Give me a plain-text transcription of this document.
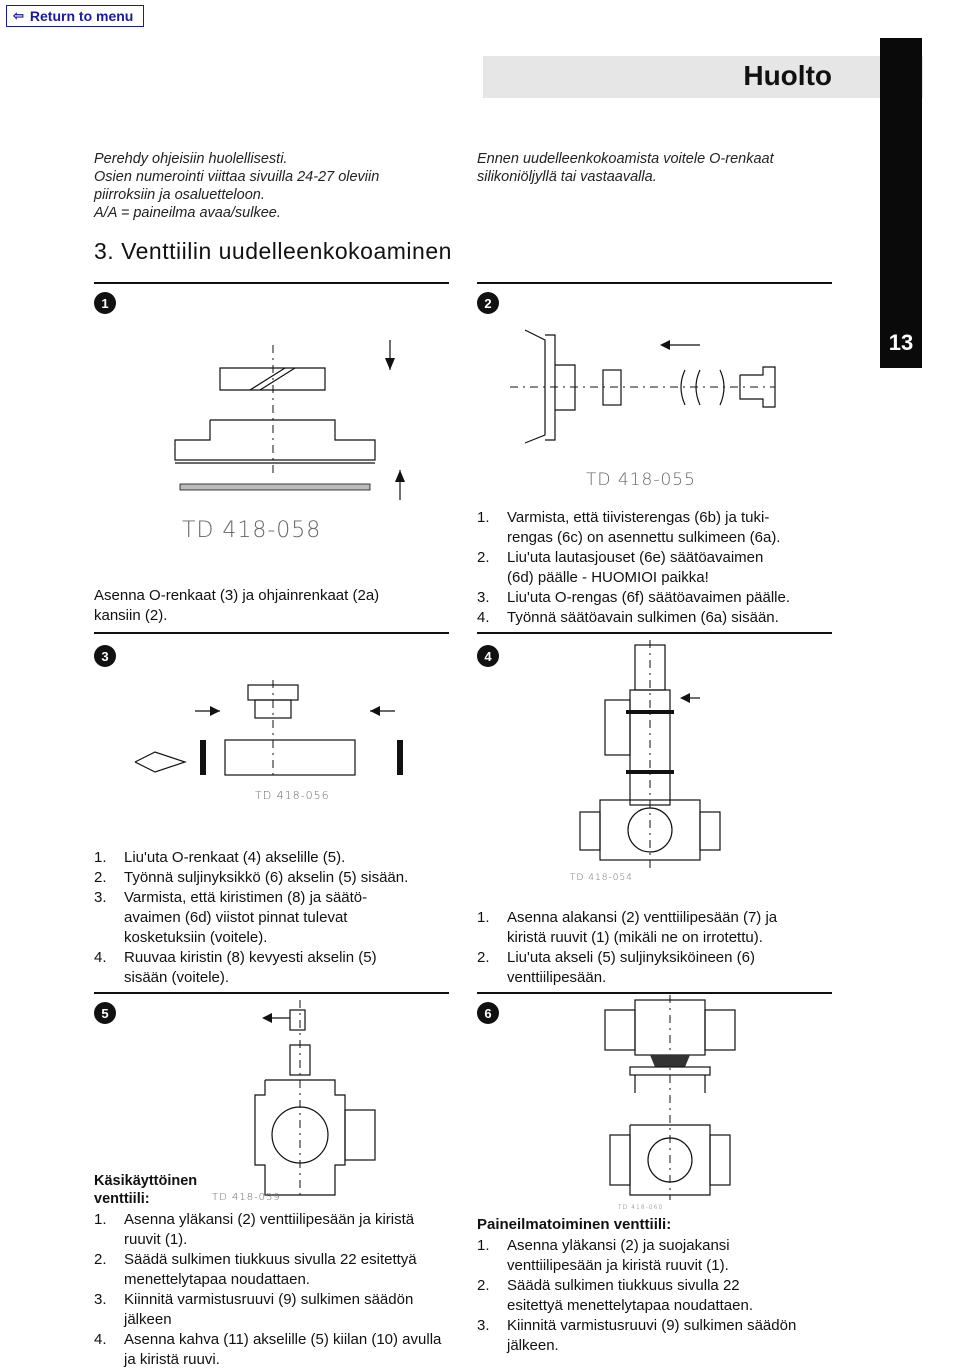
⇦ Return to menu
Huolto
13
Perehdy ohjeisiin huolellisesti.
Osien numerointi viittaa sivuilla 24-27 oleviin
piirroksiin ja osaluetteloon.
A/A = paineilma avaa/sulkee.
Ennen uudelleenkokoamista voitele O-renkaat
silikoniöljyllä tai vastaavalla.
3. Venttiilin uudelleenkokoaminen
1
TD 418-058
Asenna O-renkaat (3) ja ohjainrenkaat (2a)
kansiin (2).
2
TD 418-055
1.	Varmista, että tiivisterengas (6b) ja tuki-
rengas (6c) on asennettu sulkimeen (6a).
2.	Liu'uta lautasjouset (6e) säätöavaimen
(6d) päälle - HUOMIOI paikka!
3.	Liu'uta O-rengas (6f) säätöavaimen päälle.
4.	Työnnä säätöavain sulkimen (6a) sisään.
3
TD 418-056
1.	Liu'uta O-renkaat (4) akselille (5).
2.	Työnnä suljinyksikkö (6) akselin (5) sisään.
3.	Varmista, että kiristimen (8) ja säätö-
avaimen (6d) viistot pinnat tulevat
kosketuksiin (voitele).
4.	Ruuvaa kiristin (8) kevyesti akselin (5)
sisään (voitele).
4
TD 418-054
1.	Asenna alakansi (2) venttiilipesään (7) ja
kiristä ruuvit (1) (mikäli ne on irrotettu).
2.	Liu'uta akseli (5) suljinyksiköineen (6)
venttiilipesään.
5
Käsikäyttöinen
venttiili:	TD 418-059
1.	Asenna yläkansi (2) venttiilipesään ja kiristä
ruuvit (1).
2.	Säädä sulkimen tiukkuus sivulla 22 esitettyä
menettelytapaa noudattaen.
3.	Kiinnitä varmistusruuvi (9) sulkimen säädön
jälkeen
4.	Asenna kahva (11) akselille (5) kiilan (10) avulla
ja kiristä ruuvi.
6
TD 418-060
Paineilmatoiminen venttiili:
1.	Asenna yläkansi (2) ja suojakansi
venttiilipesään ja kiristä ruuvit (1).
2.	Säädä sulkimen tiukkuus sivulla 22
esitettyä menettelytapaa noudattaen.
3.	Kiinnitä varmistusruuvi (9) sulkimen säädön
jälkeen.
